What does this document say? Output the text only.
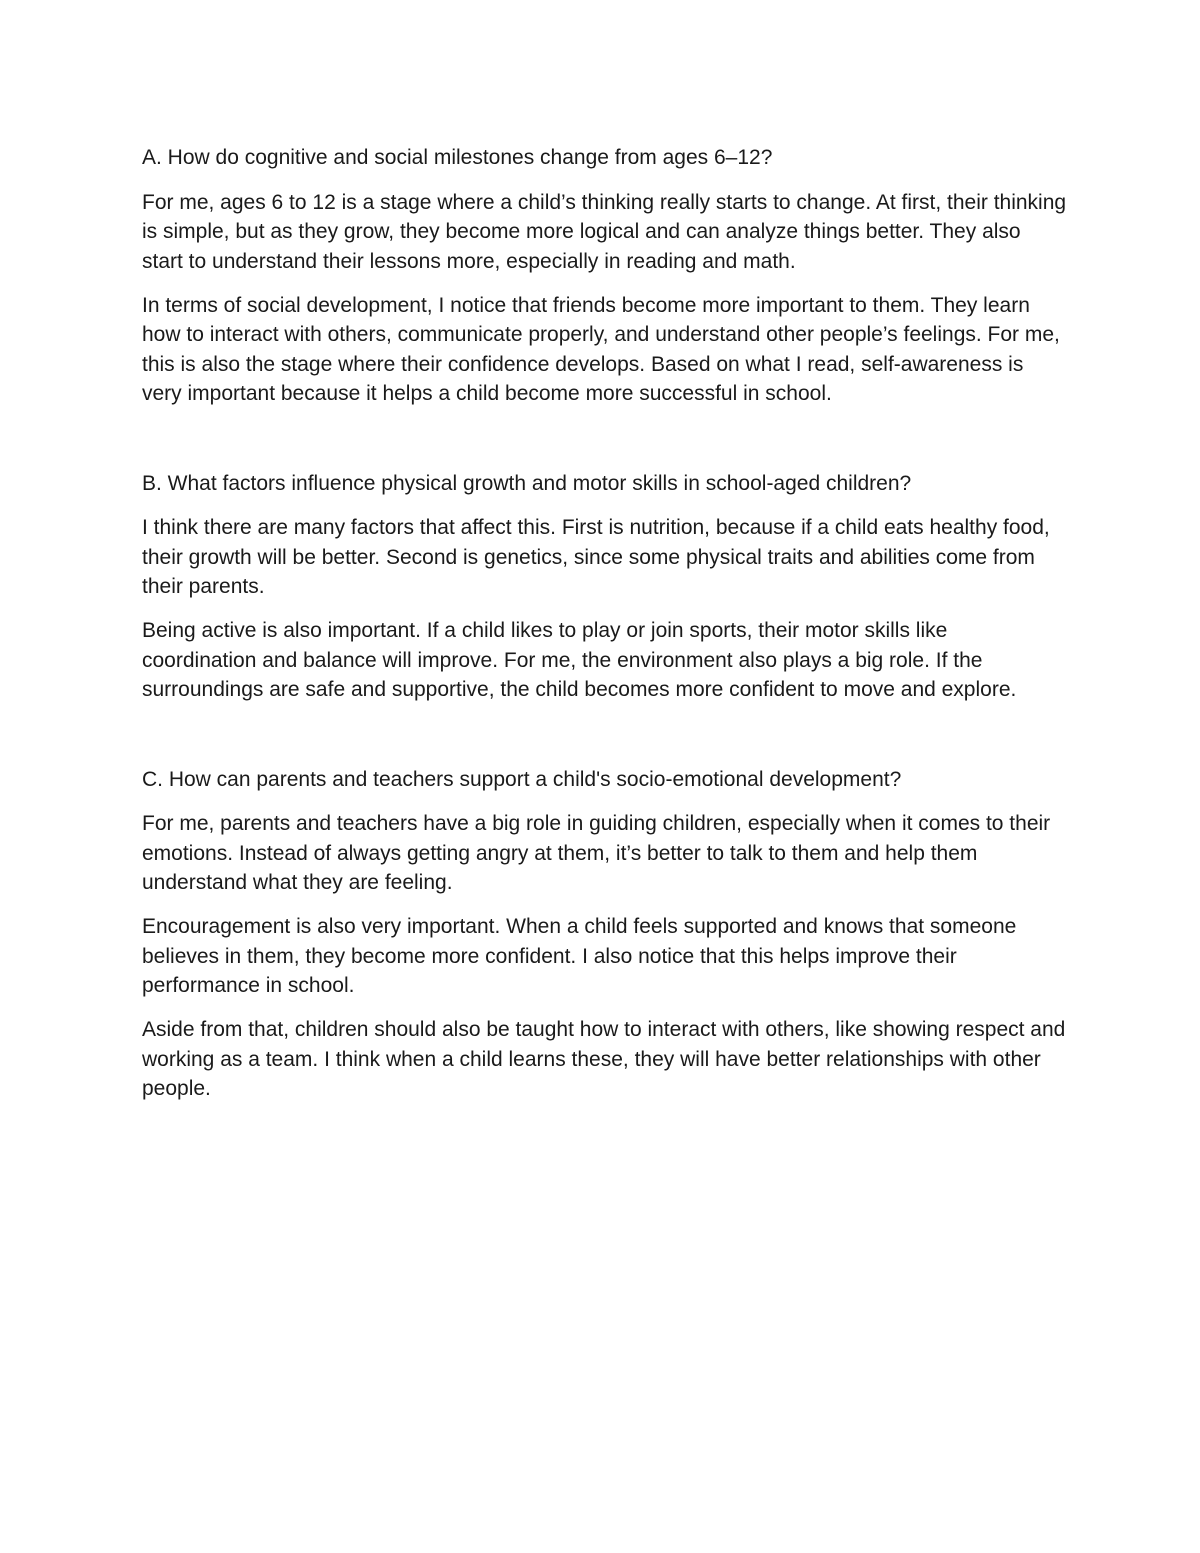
A. How do cognitive and social milestones change from ages 6–12?

For me, ages 6 to 12 is a stage where a child’s thinking really starts to change. At first, their thinking is simple, but as they grow, they become more logical and can analyze things better. They also start to understand their lessons more, especially in reading and math.

In terms of social development, I notice that friends become more important to them. They learn how to interact with others, communicate properly, and understand other people’s feelings. For me, this is also the stage where their confidence develops. Based on what I read, self-awareness is very important because it helps a child become more successful in school.

B. What factors influence physical growth and motor skills in school-aged children?

I think there are many factors that affect this. First is nutrition, because if a child eats healthy food, their growth will be better. Second is genetics, since some physical traits and abilities come from their parents.

Being active is also important. If a child likes to play or join sports, their motor skills like coordination and balance will improve. For me, the environment also plays a big role. If the surroundings are safe and supportive, the child becomes more confident to move and explore.

C. How can parents and teachers support a child's socio-emotional development?

For me, parents and teachers have a big role in guiding children, especially when it comes to their emotions. Instead of always getting angry at them, it’s better to talk to them and help them understand what they are feeling.

Encouragement is also very important. When a child feels supported and knows that someone believes in them, they become more confident. I also notice that this helps improve their performance in school.

Aside from that, children should also be taught how to interact with others, like showing respect and working as a team. I think when a child learns these, they will have better relationships with other people.
